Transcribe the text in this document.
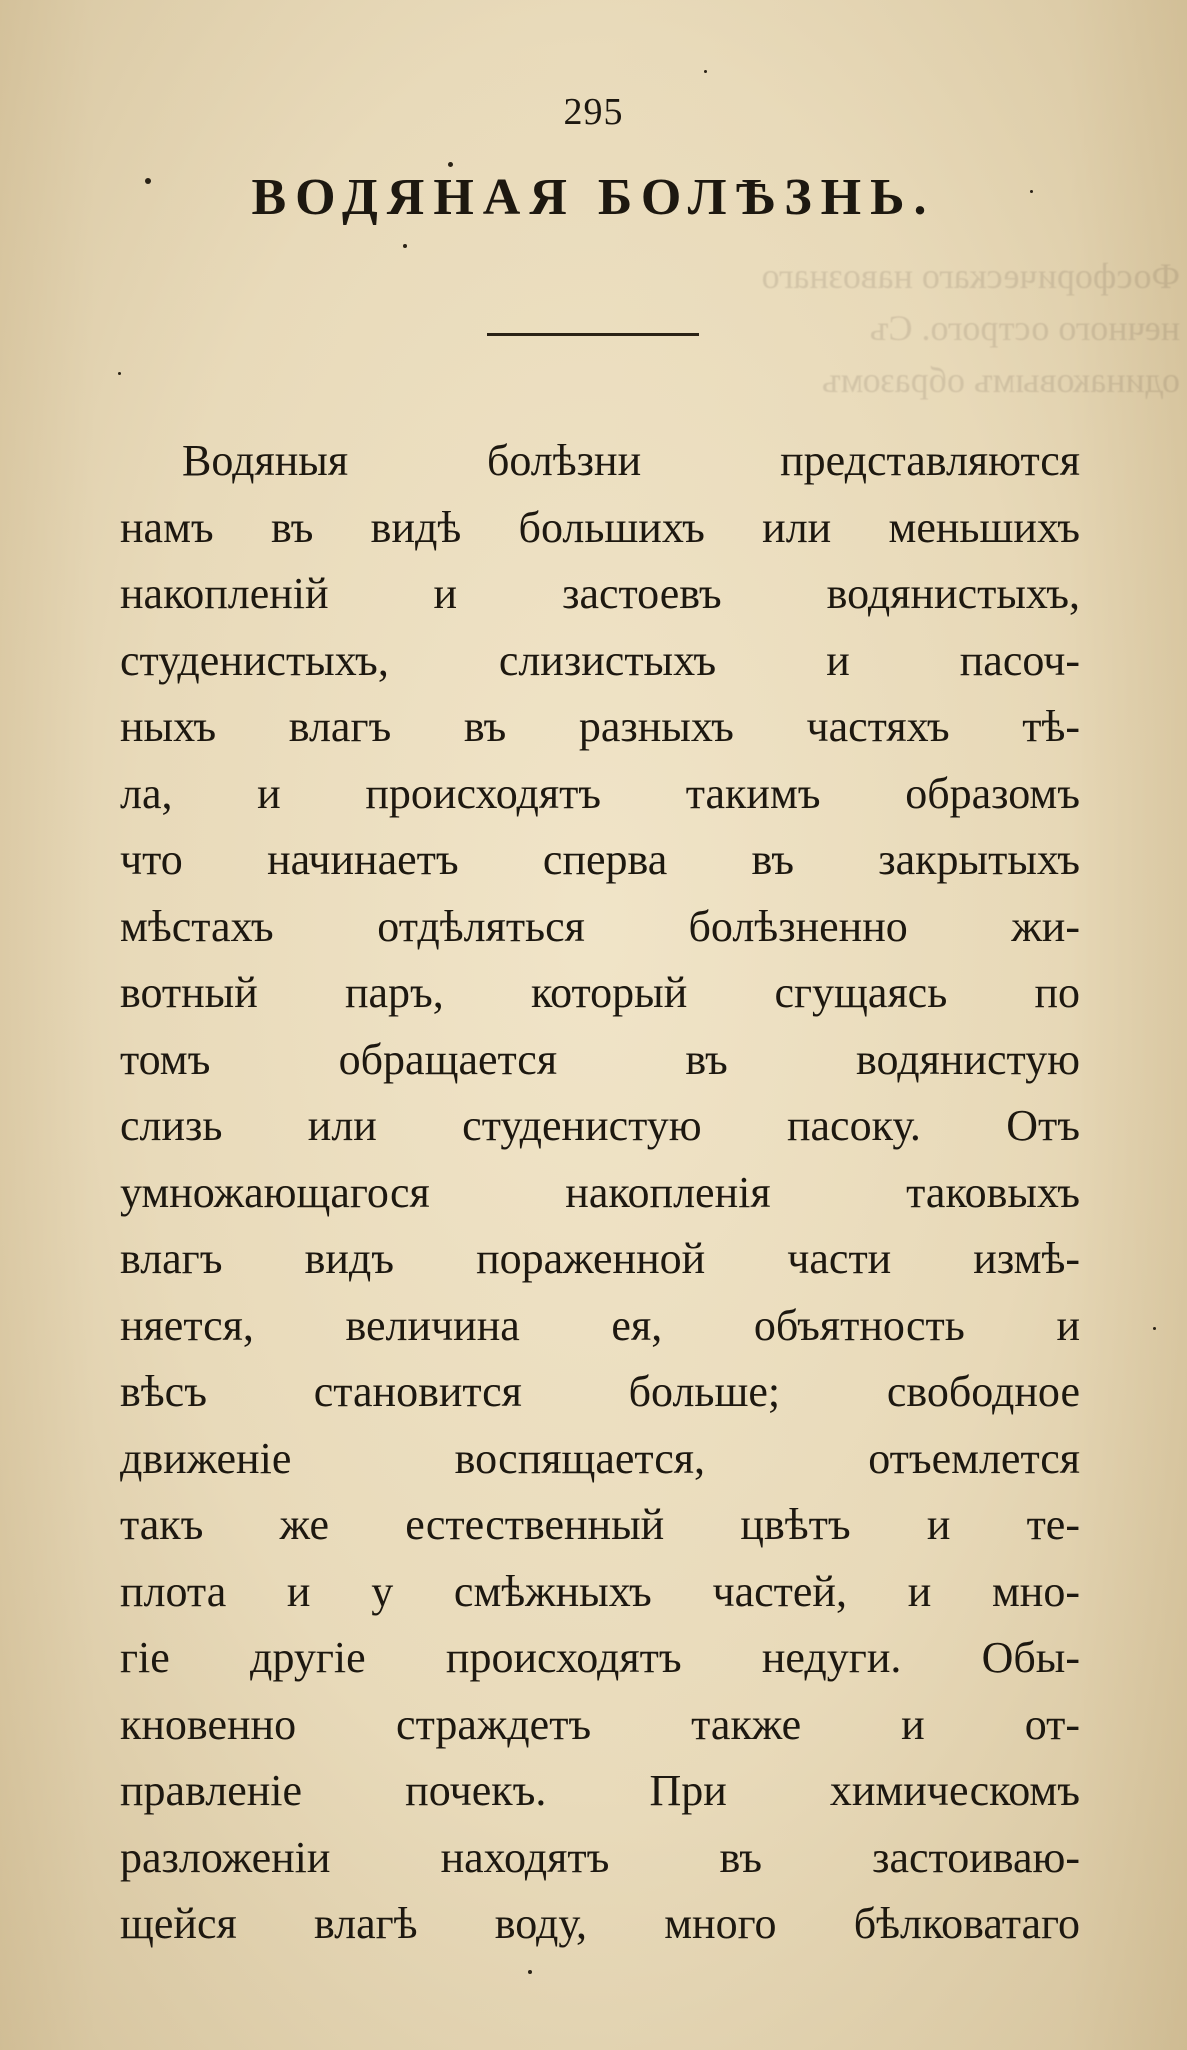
Фосфорическаго навознаго нечного острого. Съ одинаковымъ образомъ
295
ВОДЯНАЯ БОЛѢЗНЬ.
Водяныя болѣзни представляются
намъ въ видѣ большихъ или меньшихъ
накопленій и застоевъ водянистыхъ,
студенистыхъ, слизистыхъ и пасоч-
ныхъ влагъ въ разныхъ частяхъ тѣ-
ла, и происходятъ такимъ образомъ
что начинаетъ сперва въ закрытыхъ
мѣстахъ отдѣляться болѣзненно жи-
вотный паръ, который сгущаясь по
томъ обращается въ водянистую
слизь или студенистую пасоку. Отъ
умножающагося накопленія таковыхъ
влагъ видъ пораженной части измѣ-
няется, величина ея, объятность и
вѣсъ становится больше; свободное
движеніе воспящается, отъемлется
такъ же естественный цвѣтъ и те-
плота и у смѣжныхъ частей, и мно-
гіе другіе происходятъ недуги. Обы-
кновенно страждетъ также и от-
правленіе почекъ. При химическомъ
разложеніи находятъ въ застоиваю-
щейся влагѣ воду, много бѣлковатаго
